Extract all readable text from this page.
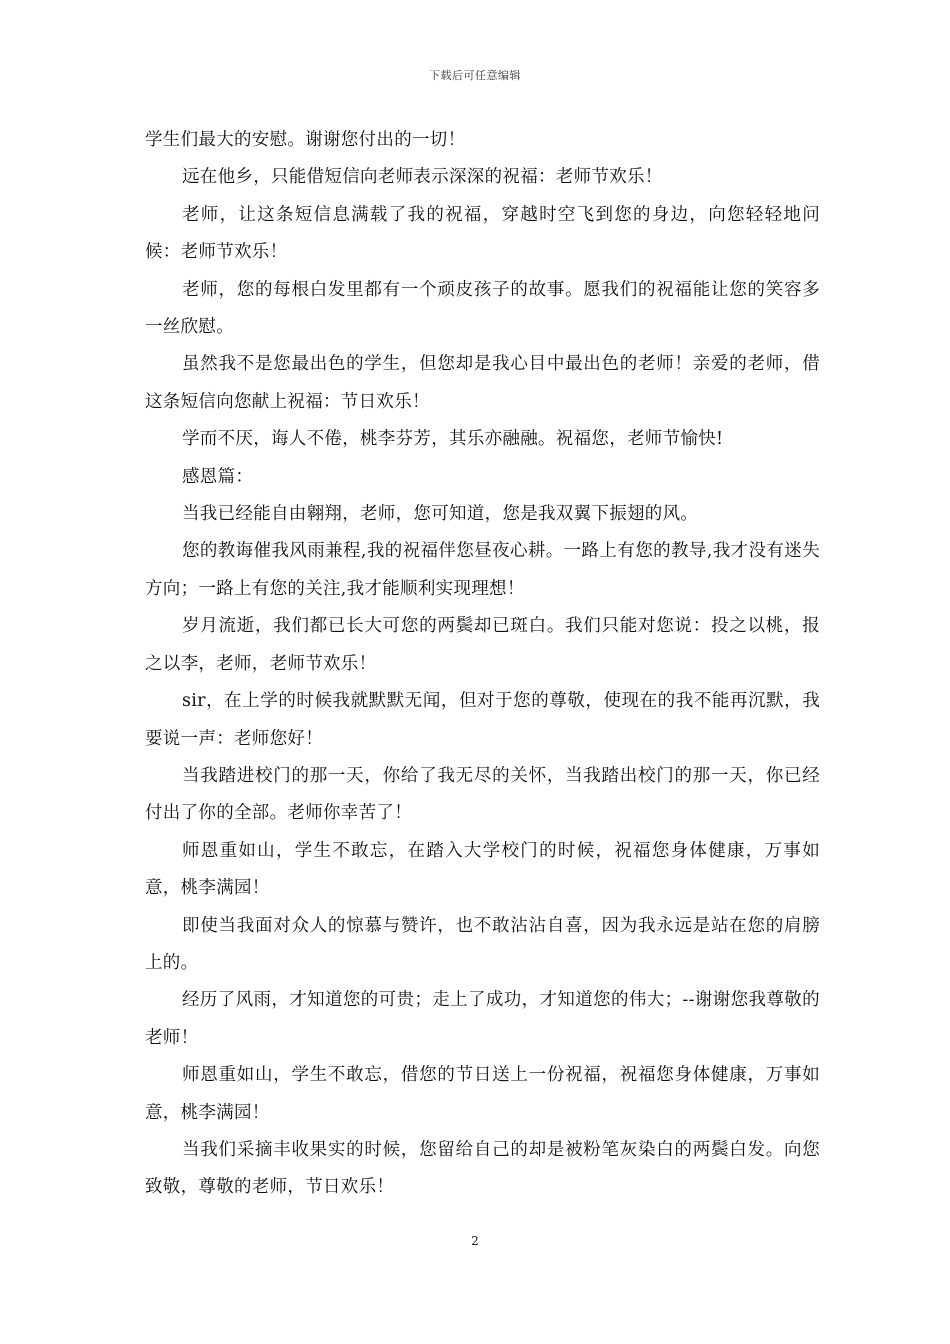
下载后可任意编辑

学生们最大的安慰。谢谢您付出的一切！

远在他乡，只能借短信向老师表示深深的祝福：老师节欢乐！

老师，让这条短信息满载了我的祝福，穿越时空飞到您的身边，向您轻轻地问候：老师节欢乐！

老师，您的每根白发里都有一个顽皮孩子的故事。愿我们的祝福能让您的笑容多一丝欣慰。

虽然我不是您最出色的学生，但您却是我心目中最出色的老师！亲爱的老师，借这条短信向您献上祝福：节日欢乐！

学而不厌，诲人不倦，桃李芬芳，其乐亦融融。祝福您，老师节愉快!

感恩篇：

当我已经能自由翱翔，老师，您可知道，您是我双翼下振翅的风。

您的教诲催我风雨兼程,我的祝福伴您昼夜心耕。一路上有您的教导,我才没有迷失方向；一路上有您的关注,我才能顺利实现理想！

岁月流逝，我们都已长大可您的两鬓却已斑白。我们只能对您说：投之以桃，报之以李，老师，老师节欢乐！

sir，在上学的时候我就默默无闻，但对于您的尊敬，使现在的我不能再沉默，我要说一声：老师您好！

当我踏进校门的那一天，你给了我无尽的关怀，当我踏出校门的那一天，你已经付出了你的全部。老师你幸苦了！

师恩重如山，学生不敢忘，在踏入大学校门的时候，祝福您身体健康，万事如意，桃李满园！

即使当我面对众人的惊慕与赞许，也不敢沾沾自喜，因为我永远是站在您的肩膀上的。

经历了风雨，才知道您的可贵；走上了成功，才知道您的伟大；--谢谢您我尊敬的老师！

师恩重如山，学生不敢忘，借您的节日送上一份祝福，祝福您身体健康，万事如意，桃李满园！

当我们采摘丰收果实的时候，您留给自己的却是被粉笔灰染白的两鬓白发。向您致敬，尊敬的老师，节日欢乐！

2
